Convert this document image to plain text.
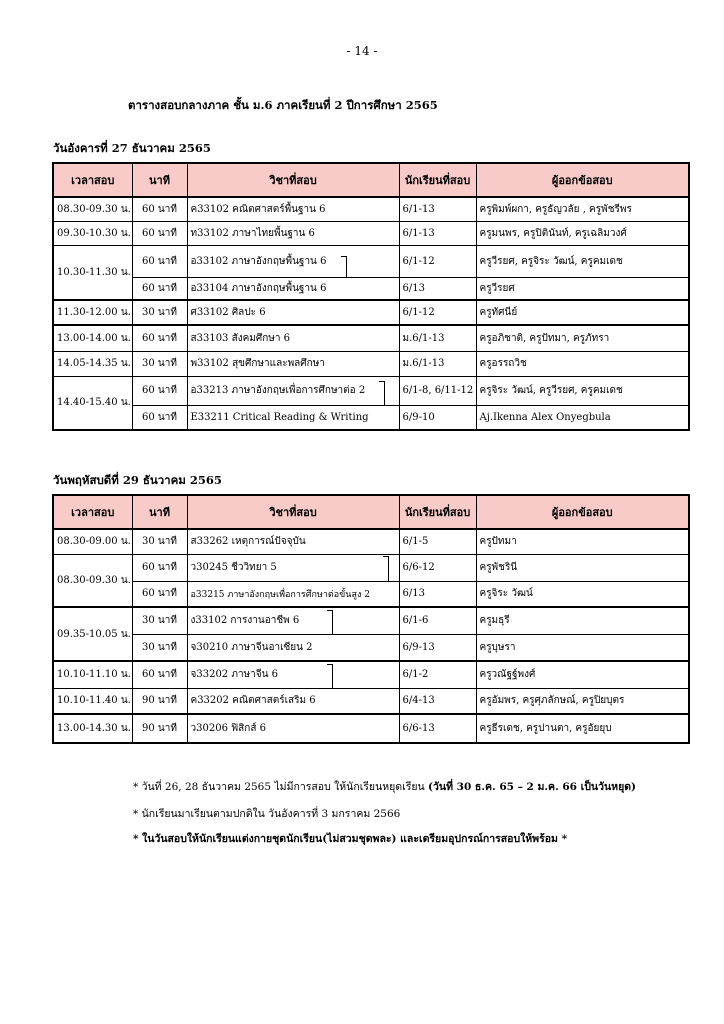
- 14 -
ตารางสอบกลางภาค ชั้น ม.6 ภาคเรียนที่ 2 ปีการศึกษา 2565
วันอังคารที่ 27 ธันวาคม 2565
เวลาสอบ	นาที	วิชาที่สอบ	นักเรียนที่สอบ	ผู้ออกข้อสอบ
08.30-09.30 น.	60 นาที	ค33102 คณิตศาสตร์พื้นฐาน 6	6/1-13	ครูพิมพ์ผกา, ครูธัญวลัย , ครูพัชรีพร
09.30-10.30 น.	60 นาที	ท33102 ภาษาไทยพื้นฐาน 6	6/1-13	ครูมนพร, ครูปิตินันท์, ครูเฉลิมวงศ์
10.30-11.30 น.	60 นาที	อ33102 ภาษาอังกฤษพื้นฐาน 6	6/1-12	ครูวีรยศ, ครูจิระ วัฒน์, ครูคมเดช
	60 นาที	อ33104 ภาษาอังกฤษพื้นฐาน 6	6/13	ครูวีรยศ
11.30-12.00 น.	30 นาที	ศ33102 ศิลปะ 6	6/1-12	ครูทัศนีย์
13.00-14.00 น.	60 นาที	ส33103 สังคมศึกษา 6	ม.6/1-13	ครูอภิชาติ, ครูปัทมา, ครูภัทรา
14.05-14.35 น.	30 นาที	พ33102 สุขศึกษาและพลศึกษา	ม.6/1-13	ครูอรรถวิช
14.40-15.40 น.	60 นาที	อ33213 ภาษาอังกฤษเพื่อการศึกษาต่อ 2	6/1-8, 6/11-12	ครูจิระ วัฒน์, ครูวีรยศ, ครูคมเดช
	60 นาที	E33211 Critical Reading & Writing	6/9-10	Aj.Ikenna Alex Onyegbula
วันพฤหัสบดีที่ 29 ธันวาคม 2565
เวลาสอบ	นาที	วิชาที่สอบ	นักเรียนที่สอบ	ผู้ออกข้อสอบ
08.30-09.00 น.	30 นาที	ส33262 เหตุการณ์ปัจจุบัน	6/1-5	ครูปัทมา
08.30-09.30 น.	60 นาที	ว30245 ชีววิทยา 5	6/6-12	ครูพัชรินี
	60 นาที	อ33215 ภาษาอังกฤษเพื่อการศึกษาต่อขั้นสูง 2	6/13	ครูจิระ วัฒน์
09.35-10.05 น.	30 นาที	ง33102 การงานอาชีพ 6	6/1-6	ครูมธุรี
	30 นาที	จ30210 ภาษาจีนอาเซียน 2	6/9-13	ครูบุษรา
10.10-11.10 น.	60 นาที	จ33202 ภาษาจีน 6	6/1-2	ครูวณัฐฐ์พงศ์
10.10-11.40 น.	90 นาที	ค33202 คณิตศาสตร์เสริม 6	6/4-13	ครูอัมพร, ครูศุภลักษณ์, ครูปิยบุตร
13.00-14.30 น.	90 นาที	ว30206 ฟิสิกส์ 6	6/6-13	ครูธีรเดช, ครูปานตา, ครูอัยยุบ
* วันที่ 26, 28 ธันวาคม 2565 ไม่มีการสอบ ให้นักเรียนหยุดเรียน (วันที่ 30 ธ.ค. 65 – 2 ม.ค. 66 เป็นวันหยุด)
* นักเรียนมาเรียนตามปกติใน วันอังคารที่ 3 มกราคม 2566
* ในวันสอบให้นักเรียนแต่งกายชุดนักเรียน(ไม่สวมชุดพละ) และเตรียมอุปกรณ์การสอบให้พร้อม *
